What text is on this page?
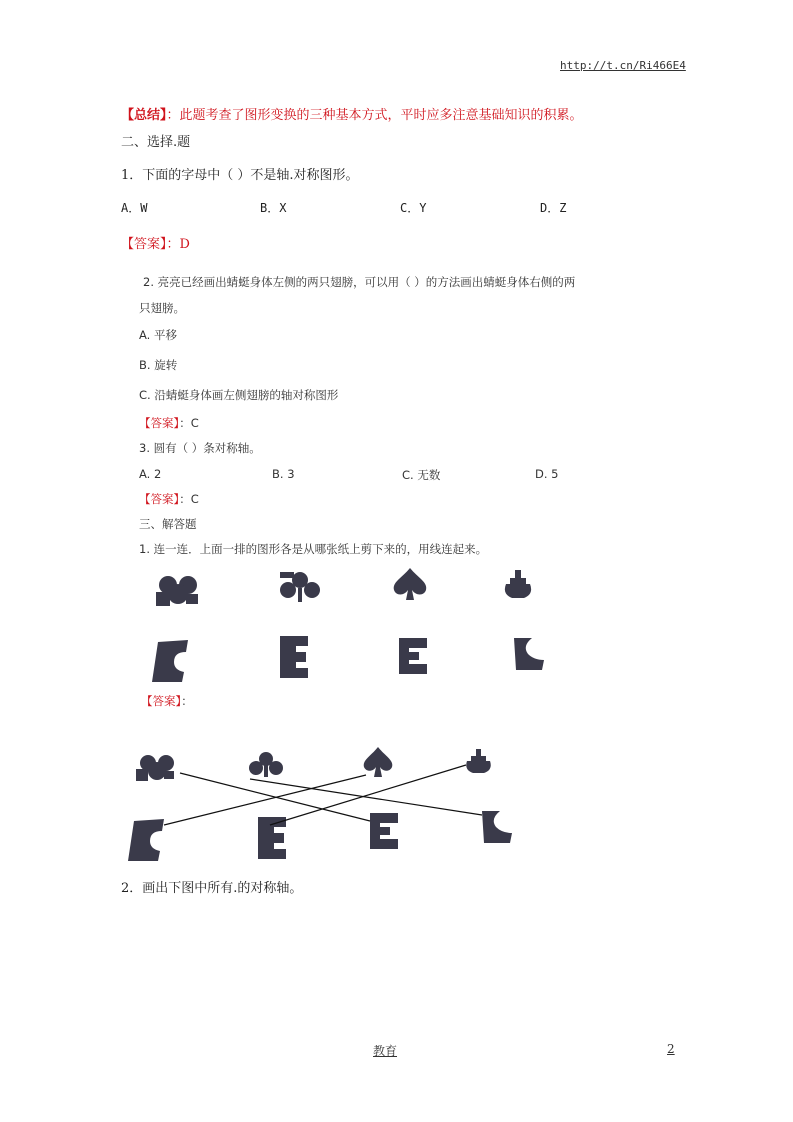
http://t.cn/Ri466E4
【总结】：此题考查了图形变换的三种基本方式，平时应多注意基础知识的积累。
二、选择.题
1．下面的字母中（ ）不是轴.对称图形。
A．W	B．X	C．Y	D．Z
【答案】：D
2. 亮亮已经画出蜻蜓身体左侧的两只翅膀，可以用（ ）的方法画出蜻蜓身体右侧的两
只翅膀。
A. 平移
B. 旋转
C. 沿蜻蜓身体画左侧翅膀的轴对称图形
【答案】：C
3. 圆有（ ）条对称轴。
A. 2	B. 3	C. 无数	D. 5
【答案】：C
三、解答题
1. 连一连．上面一排的图形各是从哪张纸上剪下来的，用线连起来。
【答案】：
2．画出下图中所有.的对称轴。
教育	2
